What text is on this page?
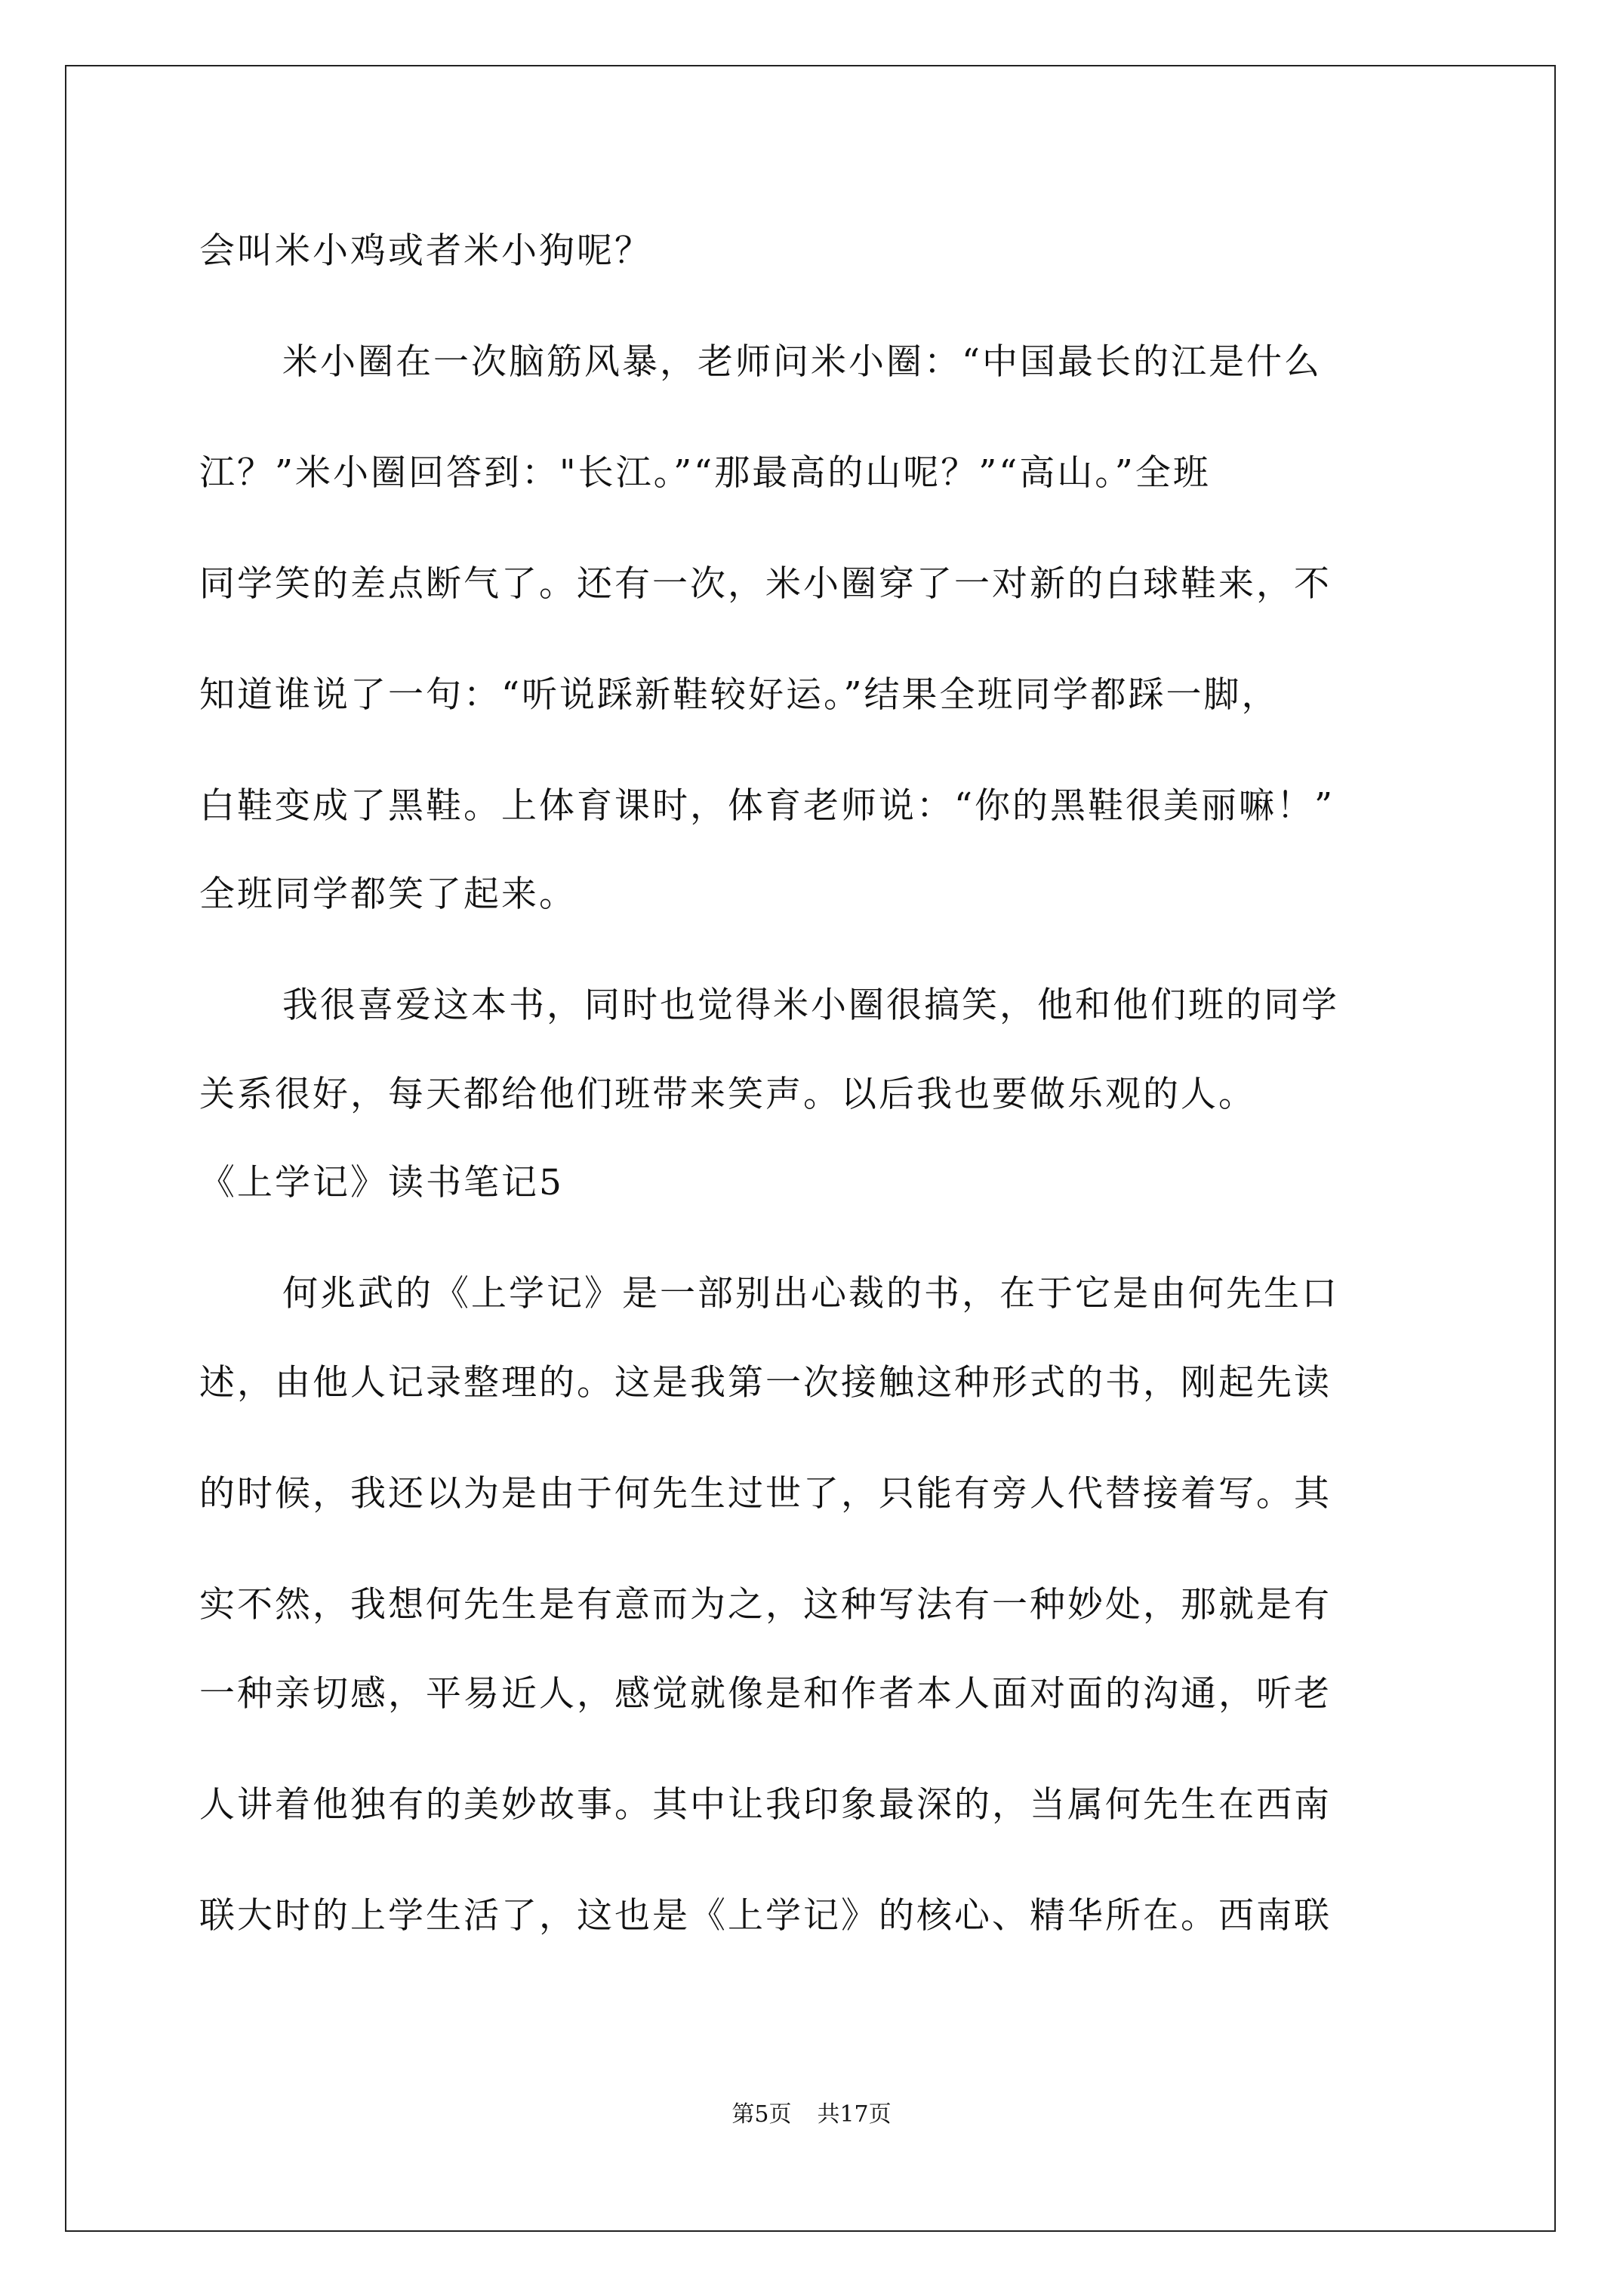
会叫米小鸡或者米小狗呢？
米小圈在一次脑筋风暴，老师问米小圈：“中国最长的江是什么
江？”米小圈回答到："长江。”“那最高的山呢？”“高山。”全班
同学笑的差点断气了。还有一次，米小圈穿了一对新的白球鞋来，不
知道谁说了一句：“听说踩新鞋较好运。”结果全班同学都踩一脚，
白鞋变成了黑鞋。上体育课时，体育老师说：“你的黑鞋很美丽嘛！”
全班同学都笑了起来。
我很喜爱这本书，同时也觉得米小圈很搞笑，他和他们班的同学
关系很好，每天都给他们班带来笑声。以后我也要做乐观的人。
《上学记》读书笔记5
何兆武的《上学记》是一部别出心裁的书，在于它是由何先生口
述，由他人记录整理的。这是我第一次接触这种形式的书，刚起先读
的时候，我还以为是由于何先生过世了，只能有旁人代替接着写。其
实不然，我想何先生是有意而为之，这种写法有一种妙处，那就是有
一种亲切感，平易近人，感觉就像是和作者本人面对面的沟通，听老
人讲着他独有的美妙故事。其中让我印象最深的，当属何先生在西南
联大时的上学生活了，这也是《上学记》的核心、精华所在。西南联
第5页 共17页
